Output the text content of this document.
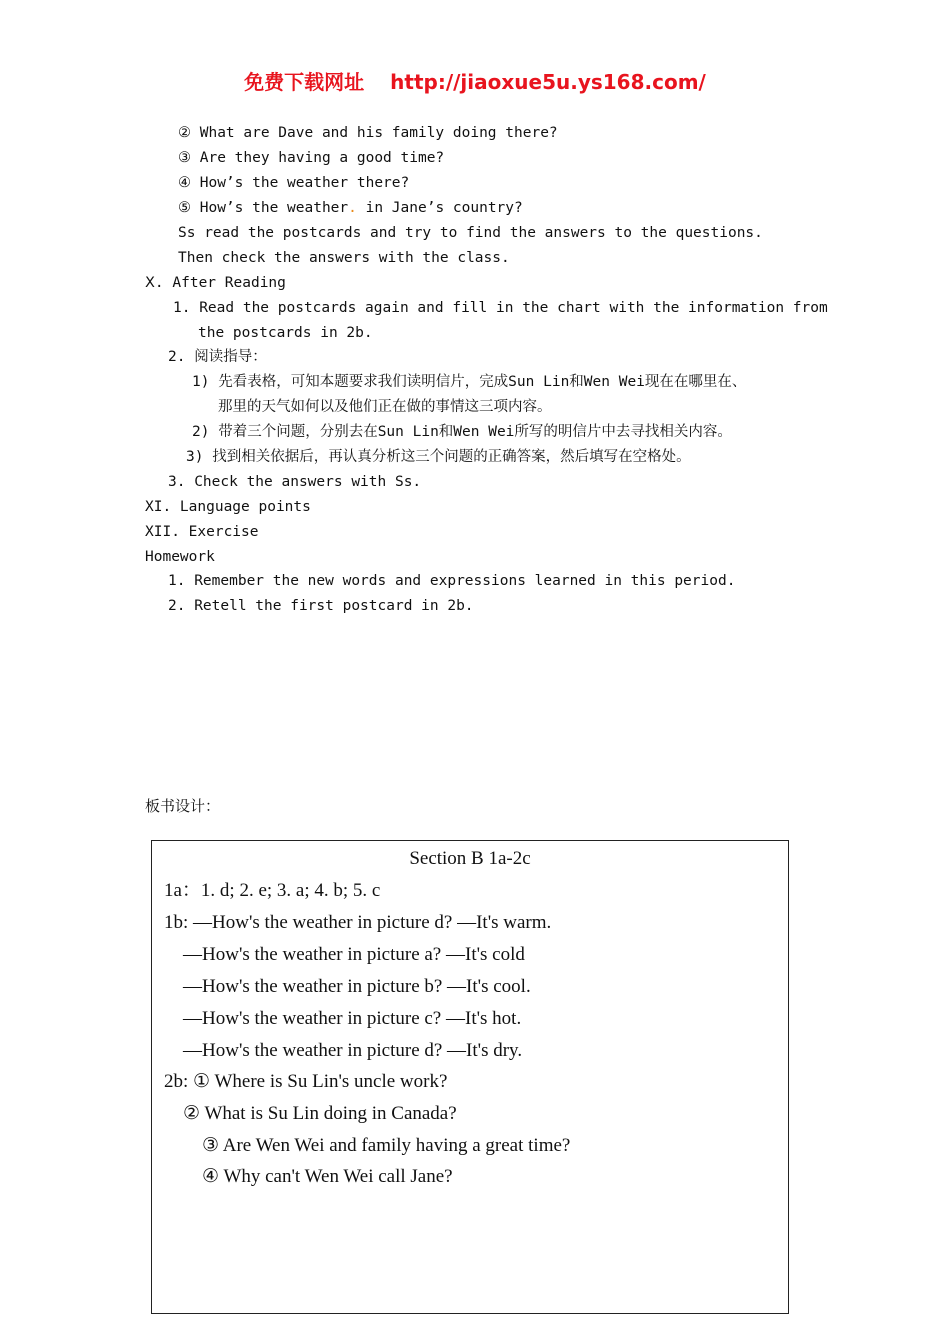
免费下载网址 http://jiaoxue5u.ys168.com/
② What are Dave and his family doing there?
③ Are they having a good time?
④ How’s the weather there?
⑤ How’s the weather. in Jane’s country?
Ss read the postcards and try to find the answers to the questions.
Then check the answers with the class.
Ⅹ. After Reading
1. Read the postcards again and fill in the chart with the information from
the postcards in 2b.
2. 阅读指导：
1) 先看表格，可知本题要求我们读明信片，完成Sun Lin和Wen Wei现在在哪里在、
那里的天气如何以及他们正在做的事情这三项内容。
2) 带着三个问题，分别去在Sun Lin和Wen Wei所写的明信片中去寻找相关内容。
3) 找到相关依据后，再认真分析这三个问题的正确答案，然后填写在空格处。
3. Check the answers with Ss.
XI. Language points
XII. Exercise
Homework
1. Remember the new words and expressions learned in this period.
2. Retell the first postcard in 2b.
板书设计：
Section B 1a-2c
1a：1. d; 2. e; 3. a; 4. b; 5. c
1b: —How's the weather in picture d? —It's warm.
—How's the weather in picture a? —It's cold
—How's the weather in picture b? —It's cool.
—How's the weather in picture c? —It's hot.
—How's the weather in picture d? —It's dry.
2b: ① Where is Su Lin's uncle work?
② What is Su Lin doing in Canada?
③ Are Wen Wei and family having a great time?
④ Why can't Wen Wei call Jane?
